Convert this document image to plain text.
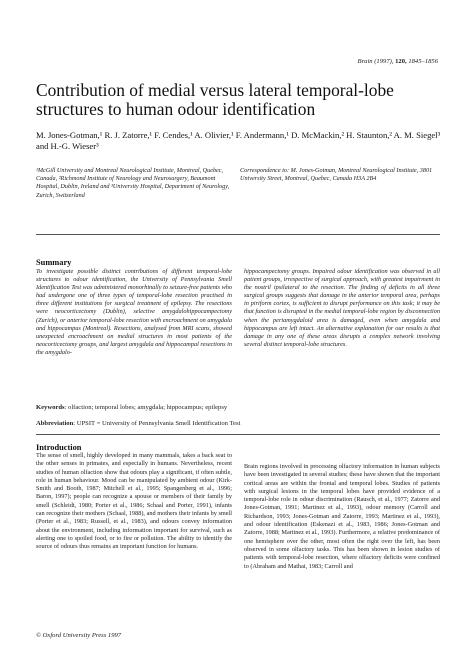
Brain (1997), 120, 1845–1856
Contribution of medial versus lateral temporal-lobe structures to human odour identification
M. Jones-Gotman,¹ R. J. Zatorre,¹ F. Cendes,¹ A. Olivier,¹ F. Andermann,¹ D. McMackin,² H. Staunton,² A. M. Siegel³ and H.-G. Wieser³
¹McGill University and Montreal Neurological Institute, Montreal, Quebec, Canada, ²Richmond Institute of Neurology and Neurosurgery, Beaumont Hospital, Dublin, Ireland and ³University Hospital, Department of Neurology, Zurich, Switzerland
Correspondence to: M. Jones-Gotman, Montreal Neurological Institute, 3801 University Street, Montreal, Quebec, Canada H3A 2B4
Summary
To investigate possible distinct contributions of different temporal-lobe structures to odour identification, the University of Pennsylvania Smell Identification Test was administered monorhinally to seizure-free patients who had undergone one of three types of temporal-lobe resection practised in three different institutions for surgical treatment of epilepsy. The resections were neocorticectomy (Dublin), selective amygdalohippocampectomy (Zurich), or anterior temporal-lobe resection with encroachment on amygdala and hippocampus (Montreal). Resections, analysed from MRI scans, showed unexpected encroachment on medial structures in most patients of the neocorticectomy groups, and largest amygdala and hippocampal resections in the amygdalo-
hippocampectomy groups. Impaired odour identification was observed in all patient groups, irrespective of surgical approach, with greatest impairment in the nostril ipsilateral to the resection. The finding of deficits in all three surgical groups suggests that damage in the anterior temporal area, perhaps in piriform cortex, is sufficient to disrupt performance on this task; it may be that function is disrupted in the medial temporal-lobe region by disconnection when the periamygdaloid area is damaged, even when amygdala and hippocampus are left intact. An alternative explanation for our results is that damage in any one of these areas disrupts a complex network involving several distinct temporal-lobe structures.
Keywords: olfaction; temporal lobes; amygdala; hippocampus; epilepsy
Abbreviation: UPSIT = University of Pennsylvania Smell Identification Test
Introduction
The sense of smell, highly developed in many mammals, takes a back seat to the other senses in primates, and especially in humans. Nevertheless, recent studies of human olfaction show that odours play a significant, if often subtle, role in human behaviour. Mood can be manipulated by ambient odour (Kirk-Smith and Booth, 1987; Mitchell et al., 1995; Spangenberg et al., 1996; Baron, 1997); people can recognize a spouse or members of their family by smell (Schleidt, 1980; Porter et al., 1986; Schaal and Porter, 1991), infants can recognize their mothers (Schaal, 1988), and mothers their infants by smell (Porter et al., 1983; Russell, et al., 1983), and odours convey information about the environment, including information important for survival, such as alerting one to spoiled food, or to fire or pollution. The ability to identify the source of odours thus remains an important function for humans.
Brain regions involved in processing olfactory information in human subjects have been investigated in several studies; these have shown that the important cortical areas are within the frontal and temporal lobes. Studies of patients with surgical lesions in the temporal lobes have provided evidence of a temporal-lobe role in odour discrimination (Rausch, et al., 1977; Zatorre and Jones-Gotman, 1991; Martinez et al., 1993), odour memory (Carroll and Richardson, 1993; Jones-Gotman and Zatorre, 1993; Martinez et al., 1993), and odour identification (Eskenazi et al., 1983, 1986; Jones-Gotman and Zatorre, 1988; Martinez et al., 1993). Furthermore, a relative predominance of one hemisphere over the other, most often the right over the left, has been observed in some olfactory tasks. This has been shown in lesion studies of patients with temporal-lobe resection, where olfactory deficits were confined to (Abraham and Mathai, 1983; Carroll and
© Oxford University Press 1997
